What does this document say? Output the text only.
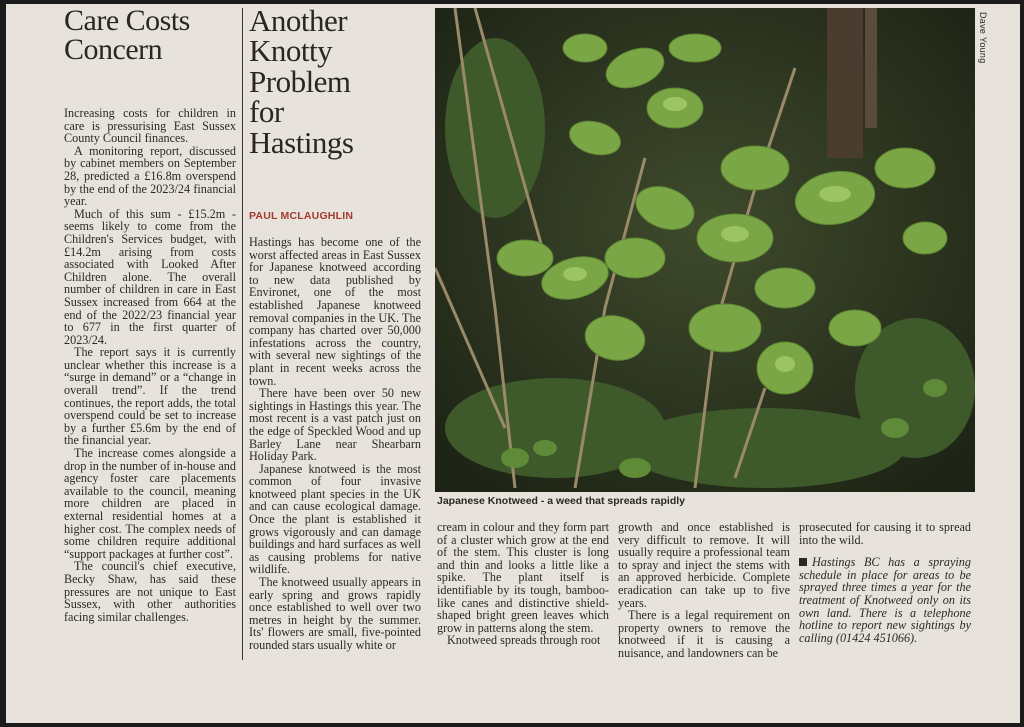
Care Costs Concern

Increasing costs for children in care is pressurising East Sussex County Council finances.

A monitoring report, discussed by cabinet members on September 28, predicted a £16.8m overspend by the end of the 2023/24 financial year.

Much of this sum - £15.2m - seems likely to come from the Children's Services budget, with £14.2m arising from costs associated with Looked After Children alone. The overall number of children in care in East Sussex increased from 664 at the end of the 2022/23 financial year to 677 in the first quarter of 2023/24.

The report says it is currently unclear whether this increase is a “surge in demand” or a “change in overall trend”. If the trend continues, the report adds, the total overspend could be set to increase by a further £5.6m by the end of the financial year.

The increase comes alongside a drop in the number of in-house and agency foster care placements available to the council, meaning more children are placed in external residential homes at a higher cost. The complex needs of some children require additional “support packages at further cost”.

The council's chief executive, Becky Shaw, has said these pressures are not unique to East Sussex, with other authorities facing similar challenges.

Another
Knotty
Problem
for
Hastings
PAUL MCLAUGHLIN

Hastings has become one of the worst affected areas in East Sussex for Japanese knotweed according to new data published by Environet, one of the most established Japanese knotweed removal companies in the UK. The company has charted over 50,000 infestations across the country, with several new sightings of the plant in recent weeks across the town.

There have been over 50 new sightings in Hastings this year. The most recent is a vast patch just on the edge of Speckled Wood and up Barley Lane near Shearbarn Holiday Park.

Japanese knotweed is the most common of four invasive knotweed plant species in the UK and can cause ecological damage. Once the plant is established it grows vigorously and can damage buildings and hard surfaces as well as causing problems for native wildlife.

The knotweed usually appears in early spring and grows rapidly once established to well over two metres in height by the summer. Its' flowers are small, five-pointed rounded stars usually white or

Dave Young
Japanese Knotweed - a weed that spreads rapidly

cream in colour and they form part of a cluster which grow at the end of the stem. This cluster is long and thin and looks a little like a spike. The plant itself is identifiable by its tough, bamboo-like canes and distinctive shield-shaped bright green leaves which grow in patterns along the stem.

Knotweed spreads through root

growth and once established is very difficult to remove. It will usually require a professional team to spray and inject the stems with an approved herbicide. Complete eradication can take up to five years.

There is a legal requirement on property owners to remove the knotweed if it is causing a nuisance, and landowners can be

prosecuted for causing it to spread into the wild.

Hastings BC has a spraying schedule in place for areas to be sprayed three times a year for the treatment of Knotweed only on its own land. There is a telephone hotline to report new sightings by calling (01424 451066).
